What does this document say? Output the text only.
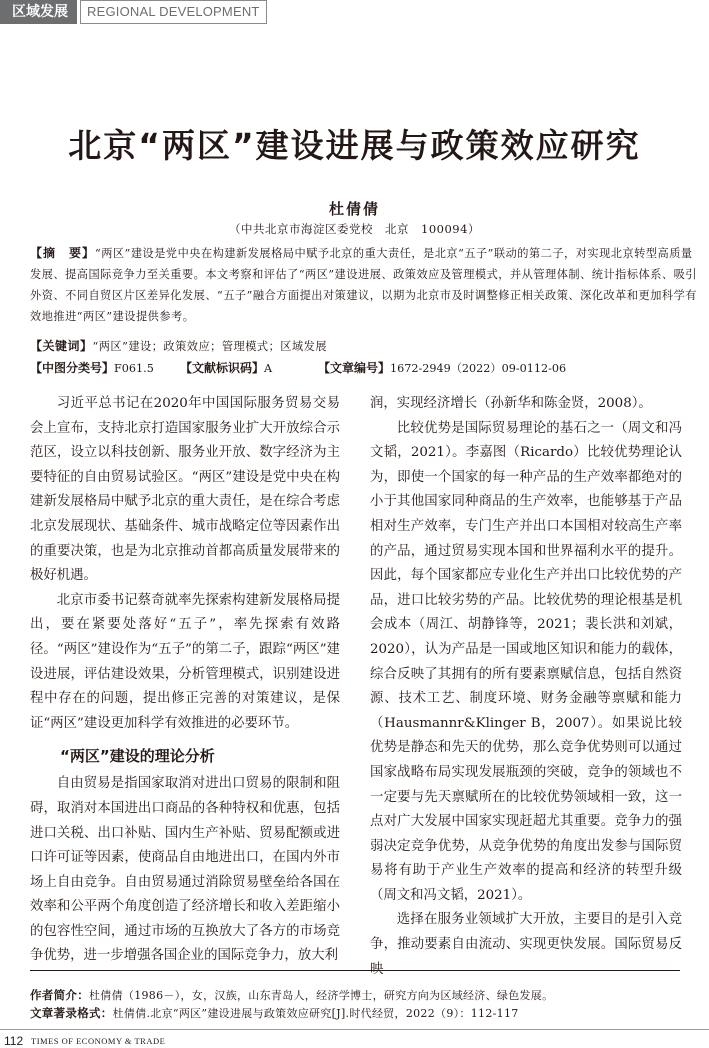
区域发展	REGIONAL DEVELOPMENT
北京“两区”建设进展与政策效应研究
杜倩倩
（中共北京市海淀区委党校　北京　100094）
【摘　要】“两区”建设是党中央在构建新发展格局中赋予北京的重大责任，是北京“五子”联动的第二子，对实现北京转型高质量发展、提高国际竞争力至关重要。本文考察和评估了“两区”建设进展、政策效应及管理模式，并从管理体制、统计指标体系、吸引外资、不同自贸区片区差异化发展、“五子”融合方面提出对策建议，以期为北京市及时调整修正相关政策、深化改革和更加科学有效地推进“两区”建设提供参考。
【关键词】“两区”建设；政策效应；管理模式；区域发展
【中图分类号】F061.5	【文献标识码】A	【文章编号】1672-2949（2022）09-0112-06

习近平总书记在2020年中国国际服务贸易交易会上宣布，支持北京打造国家服务业扩大开放综合示范区，设立以科技创新、服务业开放、数字经济为主要特征的自由贸易试验区。“两区”建设是党中央在构建新发展格局中赋予北京的重大责任，是在综合考虑北京发展现状、基础条件、城市战略定位等因素作出的重要决策，也是为北京推动首都高质量发展带来的极好机遇。

北京市委书记蔡奇就率先探索构建新发展格局提出，要在紧要处落好“五子”，率先探索有效路径。“两区”建设作为“五子”的第二子，跟踪“两区”建设进展，评估建设效果，分析管理模式，识别建设进程中存在的问题，提出修正完善的对策建议，是保证“两区”建设更加科学有效推进的必要环节。

“两区”建设的理论分析

自由贸易是指国家取消对进出口贸易的限制和阻碍，取消对本国进出口商品的各种特权和优惠，包括进口关税、出口补贴、国内生产补贴、贸易配额或进口许可证等因素，使商品自由地进出口，在国内外市场上自由竞争。自由贸易通过消除贸易壁垒给各国在效率和公平两个角度创造了经济增长和收入差距缩小的包容性空间，通过市场的互换放大了各方的市场竞争优势，进一步增强各国企业的国际竞争力，放大利

润，实现经济增长（孙新华和陈金贤，2008）。

比较优势是国际贸易理论的基石之一（周文和冯文韬，2021）。李嘉图（Ricardo）比较优势理论认为，即使一个国家的每一种产品的生产效率都绝对的小于其他国家同种商品的生产效率，也能够基于产品相对生产效率，专门生产并出口本国相对较高生产率的产品，通过贸易实现本国和世界福利水平的提升。因此，每个国家都应专业化生产并出口比较优势的产品，进口比较劣势的产品。比较优势的理论根基是机会成本（周江、胡静锋等，2021；裴长洪和刘斌，2020），认为产品是一国或地区知识和能力的载体，综合反映了其拥有的所有要素禀赋信息，包括自然资源、技术工艺、制度环境、财务金融等禀赋和能力（Hausmannr&Klinger B，2007）。如果说比较优势是静态和先天的优势，那么竞争优势则可以通过国家战略布局实现发展瓶颈的突破，竞争的领域也不一定要与先天禀赋所在的比较优势领域相一致，这一点对广大发展中国家实现赶超尤其重要。竞争力的强弱决定竞争优势，从竞争优势的角度出发参与国际贸易将有助于产业生产效率的提高和经济的转型升级（周文和冯文韬，2021）。

选择在服务业领域扩大开放，主要目的是引入竞争，推动要素自由流动、实现更快发展。国际贸易反映

作者简介：杜倩倩（1986－），女，汉族，山东青岛人，经济学博士，研究方向为区域经济、绿色发展。
文章著录格式：杜倩倩.北京“两区”建设进展与政策效应研究[J].时代经贸，2022（9）：112-117
112 TIMES OF ECONOMY & TRADE
